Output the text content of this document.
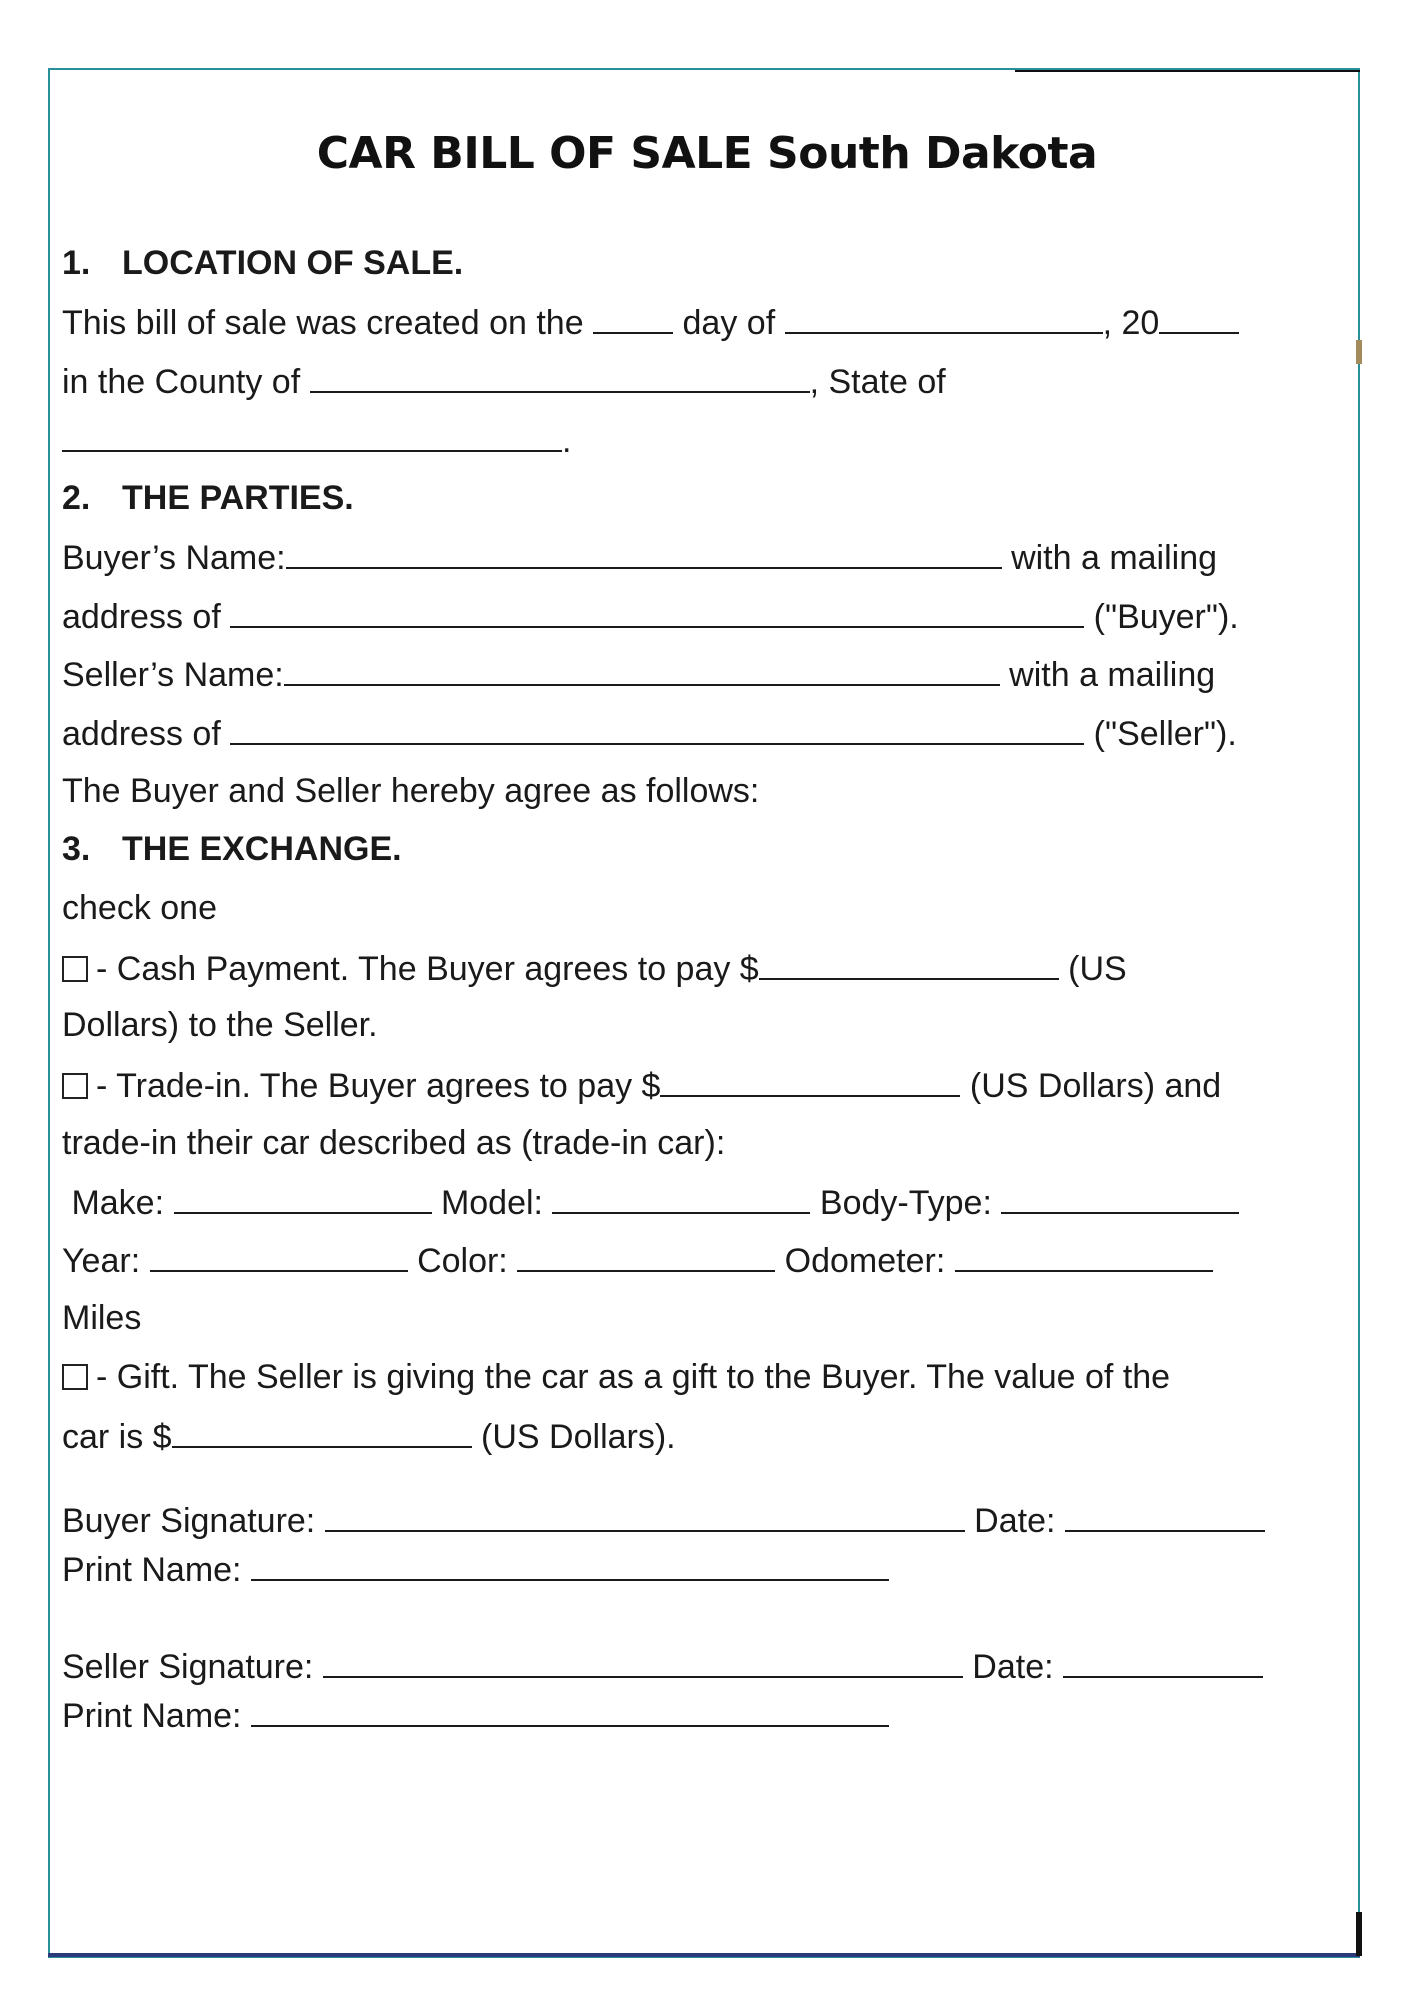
CAR BILL OF SALE South Dakota
1. LOCATION OF SALE.
This bill of sale was created on the	day of	, 20
in the County of	, State of
.
2. THE PARTIES.
Buyer’s Name:	with a mailing
address of	("Buyer").
Seller’s Name:	with a mailing
address of	("Seller").
The Buyer and Seller hereby agree as follows:
3. THE EXCHANGE.
check one
- Cash Payment. The Buyer agrees to pay $	(US
Dollars) to the Seller.
- Trade-in. The Buyer agrees to pay $	(US Dollars) and
trade-in their car described as (trade-in car):
Make:	Model:	Body-Type:
Year:	Color:	Odometer:
Miles
- Gift. The Seller is giving the car as a gift to the Buyer. The value of the
car is $	(US Dollars).
Buyer Signature:	Date:
Print Name:
Seller Signature:	Date:
Print Name:
